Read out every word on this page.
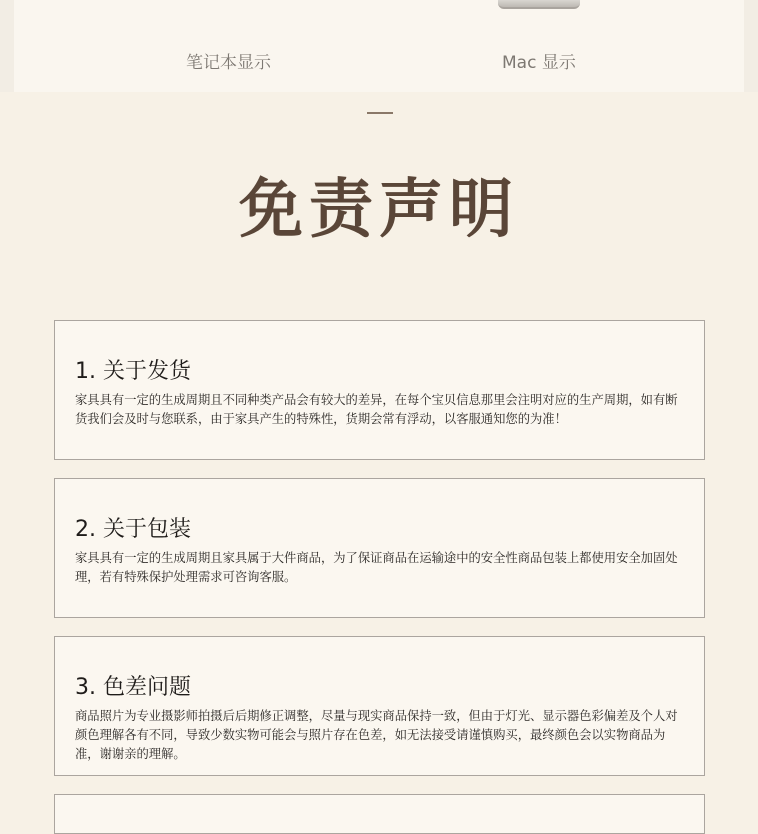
笔记本显示	Mac 显示
免责声明
1. 关于发货
家具具有一定的生成周期且不同种类产品会有较大的差异，在每个宝贝信息那里会注明对应的生产周期，如有断货我们会及时与您联系，由于家具产生的特殊性，货期会常有浮动，以客服通知您的为准！
2. 关于包装
家具具有一定的生成周期且家具属于大件商品，为了保证商品在运输途中的安全性商品包装上都使用安全加固处理，若有特殊保护处理需求可咨询客服。
3. 色差问题
商品照片为专业摄影师拍摄后后期修正调整，尽量与现实商品保持一致，但由于灯光、显示器色彩偏差及个人对颜色理解各有不同，导致少数实物可能会与照片存在色差，如无法接受请谨慎购买，最终颜色会以实物商品为准，谢谢亲的理解。
